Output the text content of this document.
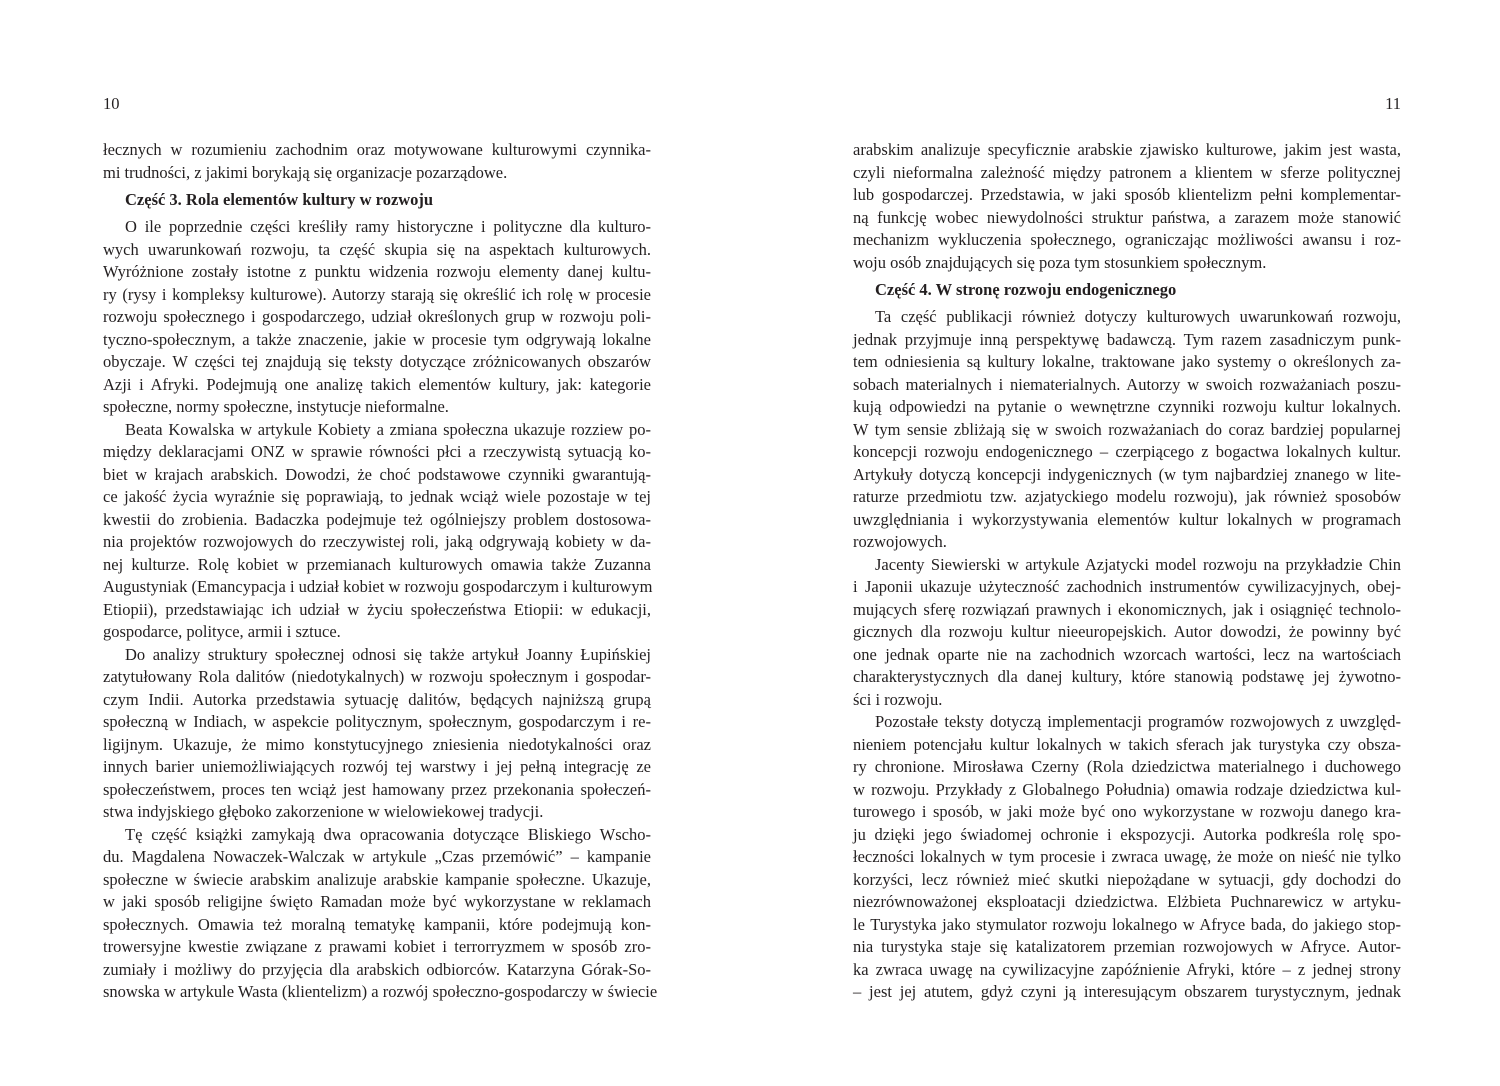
10
łecznych w rozumieniu zachodnim oraz motywowane kulturowymi czynnika-
mi trudności, z jakimi borykają się organizacje pozarządowe.
Część 3. Rola elementów kultury w rozwoju
O ile poprzednie części kreśliły ramy historyczne i polityczne dla kulturo-
wych uwarunkowań rozwoju, ta część skupia się na aspektach kulturowych.
Wyróżnione zostały istotne z punktu widzenia rozwoju elementy danej kultu-
ry (rysy i kompleksy kulturowe). Autorzy starają się określić ich rolę w procesie
rozwoju społecznego i gospodarczego, udział określonych grup w rozwoju poli-
tyczno-społecznym, a także znaczenie, jakie w procesie tym odgrywają lokalne
obyczaje. W części tej znajdują się teksty dotyczące zróżnicowanych obszarów
Azji i Afryki. Podejmują one analizę takich elementów kultury, jak: kategorie
społeczne, normy społeczne, instytucje nieformalne.
Beata Kowalska w artykule Kobiety a zmiana społeczna ukazuje rozziew po-
między deklaracjami ONZ w sprawie równości płci a rzeczywistą sytuacją ko-
biet w krajach arabskich. Dowodzi, że choć podstawowe czynniki gwarantują-
ce jakość życia wyraźnie się poprawiają, to jednak wciąż wiele pozostaje w tej
kwestii do zrobienia. Badaczka podejmuje też ogólniejszy problem dostosowa-
nia projektów rozwojowych do rzeczywistej roli, jaką odgrywają kobiety w da-
nej kulturze. Rolę kobiet w przemianach kulturowych omawia także Zuzanna
Augustyniak (Emancypacja i udział kobiet w rozwoju gospodarczym i kulturowym
Etiopii), przedstawiając ich udział w życiu społeczeństwa Etiopii: w edukacji,
gospodarce, polityce, armii i sztuce.
Do analizy struktury społecznej odnosi się także artykuł Joanny Łupińskiej
zatytułowany Rola dalitów (niedotykalnych) w rozwoju społecznym i gospodar-
czym Indii. Autorka przedstawia sytuację dalitów, będących najniższą grupą
społeczną w Indiach, w aspekcie politycznym, społecznym, gospodarczym i re-
ligijnym. Ukazuje, że mimo konstytucyjnego zniesienia niedotykalności oraz
innych barier uniemożliwiających rozwój tej warstwy i jej pełną integrację ze
społeczeństwem, proces ten wciąż jest hamowany przez przekonania społeczeń-
stwa indyjskiego głęboko zakorzenione w wielowiekowej tradycji.
Tę część książki zamykają dwa opracowania dotyczące Bliskiego Wscho-
du. Magdalena Nowaczek-Walczak w artykule „Czas przemówić” – kampanie
społeczne w świecie arabskim analizuje arabskie kampanie społeczne. Ukazuje,
w jaki sposób religijne święto Ramadan może być wykorzystane w reklamach
społecznych. Omawia też moralną tematykę kampanii, które podejmują kon-
trowersyjne kwestie związane z prawami kobiet i terrorryzmem w sposób zro-
zumiały i możliwy do przyjęcia dla arabskich odbiorców. Katarzyna Górak-So-
snowska w artykule Wasta (klientelizm) a rozwój społeczno-gospodarczy w świecie
11
arabskim analizuje specyficznie arabskie zjawisko kulturowe, jakim jest wasta,
czyli nieformalna zależność między patronem a klientem w sferze politycznej
lub gospodarczej. Przedstawia, w jaki sposób klientelizm pełni komplementar-
ną funkcję wobec niewydolności struktur państwa, a zarazem może stanowić
mechanizm wykluczenia społecznego, ograniczając możliwości awansu i roz-
woju osób znajdujących się poza tym stosunkiem społecznym.
Część 4. W stronę rozwoju endogenicznego
Ta część publikacji również dotyczy kulturowych uwarunkowań rozwoju,
jednak przyjmuje inną perspektywę badawczą. Tym razem zasadniczym punk-
tem odniesienia są kultury lokalne, traktowane jako systemy o określonych za-
sobach materialnych i niematerialnych. Autorzy w swoich rozważaniach poszu-
kują odpowiedzi na pytanie o wewnętrzne czynniki rozwoju kultur lokalnych.
W tym sensie zbliżają się w swoich rozważaniach do coraz bardziej popularnej
koncepcji rozwoju endogenicznego – czerpiącego z bogactwa lokalnych kultur.
Artykuły dotyczą koncepcji indygenicznych (w tym najbardziej znanego w lite-
raturze przedmiotu tzw. azjatyckiego modelu rozwoju), jak również sposobów
uwzględniania i wykorzystywania elementów kultur lokalnych w programach
rozwojowych.
Jacenty Siewierski w artykule Azjatycki model rozwoju na przykładzie Chin
i Japonii ukazuje użyteczność zachodnich instrumentów cywilizacyjnych, obej-
mujących sferę rozwiązań prawnych i ekonomicznych, jak i osiągnięć technolo-
gicznych dla rozwoju kultur nieeuropejskich. Autor dowodzi, że powinny być
one jednak oparte nie na zachodnich wzorcach wartości, lecz na wartościach
charakterystycznych dla danej kultury, które stanowią podstawę jej żywotno-
ści i rozwoju.
Pozostałe teksty dotyczą implementacji programów rozwojowych z uwzględ-
nieniem potencjału kultur lokalnych w takich sferach jak turystyka czy obsza-
ry chronione. Mirosława Czerny (Rola dziedzictwa materialnego i duchowego
w rozwoju. Przykłady z Globalnego Południa) omawia rodzaje dziedzictwa kul-
turowego i sposób, w jaki może być ono wykorzystane w rozwoju danego kra-
ju dzięki jego świadomej ochronie i ekspozycji. Autorka podkreśla rolę spo-
łeczności lokalnych w tym procesie i zwraca uwagę, że może on nieść nie tylko
korzyści, lecz również mieć skutki niepożądane w sytuacji, gdy dochodzi do
niezrównoważonej eksploatacji dziedzictwa. Elżbieta Puchnarewicz w artyku-
le Turystyka jako stymulator rozwoju lokalnego w Afryce bada, do jakiego stop-
nia turystyka staje się katalizatorem przemian rozwojowych w Afryce. Autor-
ka zwraca uwagę na cywilizacyjne zapóźnienie Afryki, które – z jednej strony
– jest jej atutem, gdyż czyni ją interesującym obszarem turystycznym, jednak
